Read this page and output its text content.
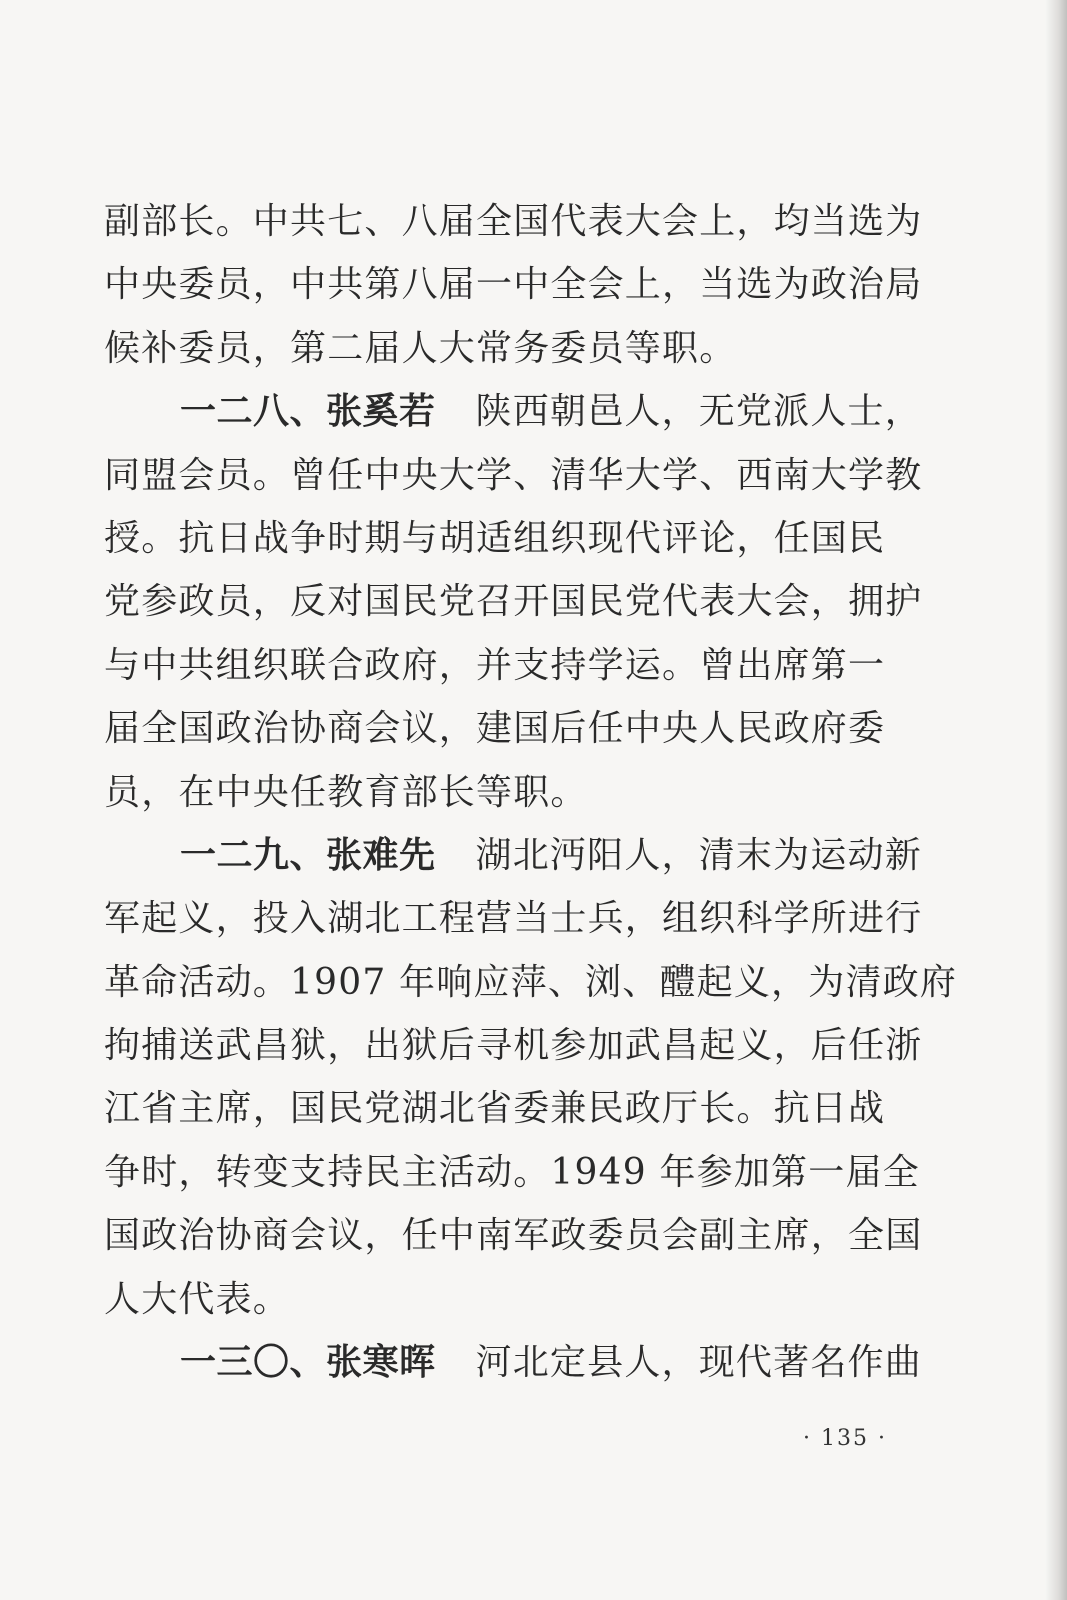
副部长。中共七、八届全国代表大会上，均当选为
中央委员，中共第八届一中全会上，当选为政治局
候补委员，第二届人大常务委员等职。
一二八、张奚若 陕西朝邑人，无党派人士，
同盟会员。曾任中央大学、清华大学、西南大学教
授。抗日战争时期与胡适组织现代评论，任国民
党参政员，反对国民党召开国民党代表大会，拥护
与中共组织联合政府，并支持学运。曾出席第一
届全国政治协商会议，建国后任中央人民政府委
员，在中央任教育部长等职。
一二九、张难先 湖北沔阳人，清末为运动新
军起义，投入湖北工程营当士兵，组织科学所进行
革命活动。1907 年响应萍、浏、醴起义，为清政府
拘捕送武昌狱，出狱后寻机参加武昌起义，后任浙
江省主席，国民党湖北省委兼民政厅长。抗日战
争时，转变支持民主活动。1949 年参加第一届全
国政治协商会议，任中南军政委员会副主席，全国
人大代表。
一三〇、张寒晖 河北定县人，现代著名作曲
· 135 ·
